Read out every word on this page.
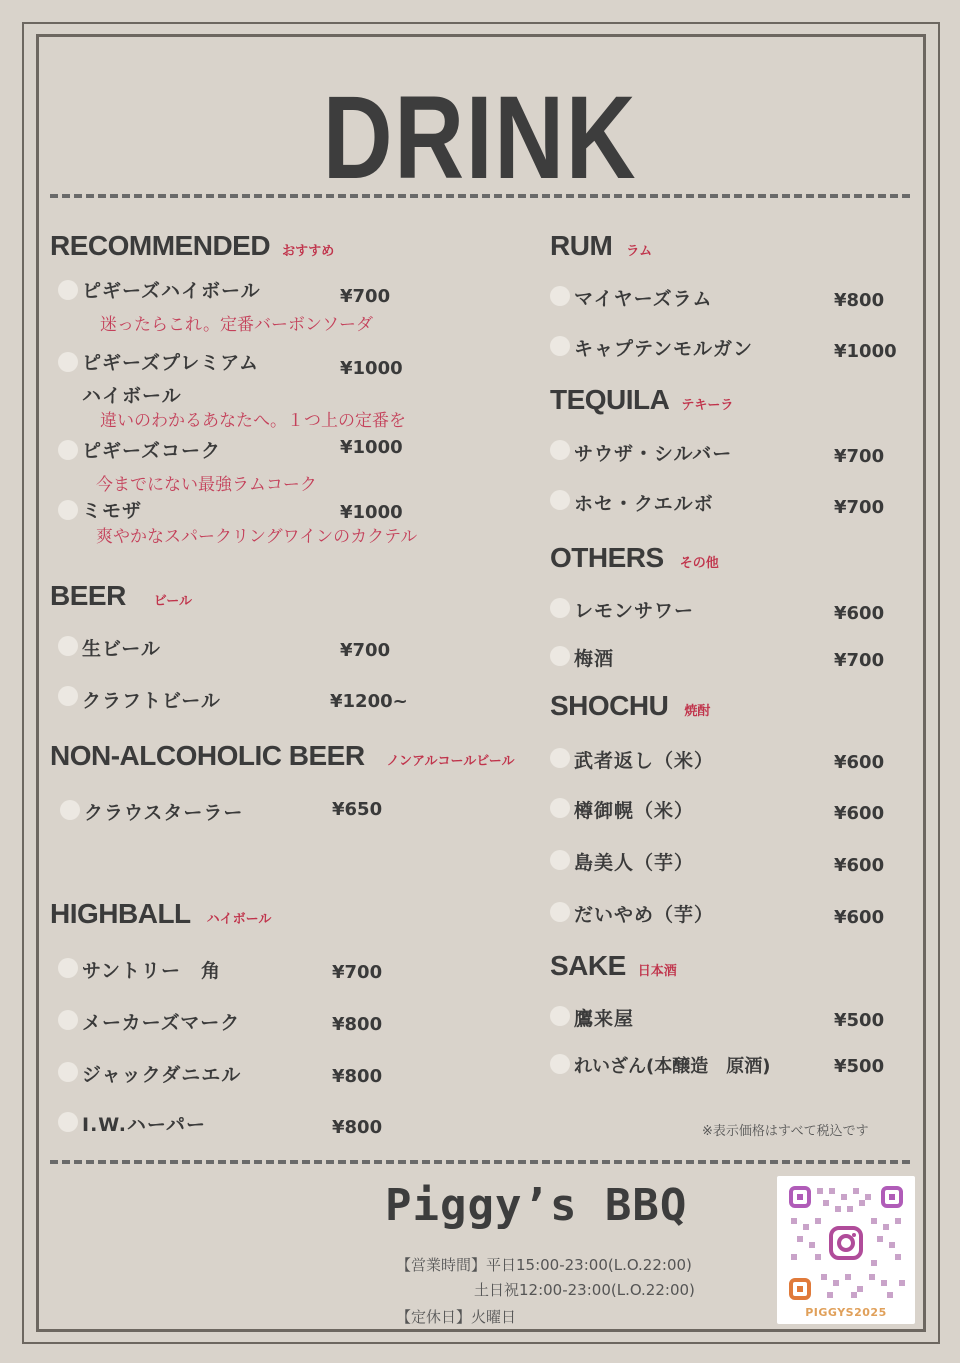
DRINK
RECOMMENDED おすすめ
ピギーズハイボール	¥700
迷ったらこれ。定番バーボンソーダ
ピギーズプレミアム	¥1000
ハイボール
違いのわかるあなたへ。１つ上の定番を
ピギーズコーク	¥1000
今までにない最強ラムコーク
ミモザ	¥1000
爽やかなスパークリングワインのカクテル
BEER ビール
生ビール	¥700
クラフトビール	¥1200~
NON-ALCOHOLIC BEER ノンアルコールビール
クラウスターラー	¥650
HIGHBALL ハイボール
サントリー　角	¥700
メーカーズマーク	¥800
ジャックダニエル	¥800
I.W.ハーパー	¥800
RUM ラム
マイヤーズラム	¥800
キャプテンモルガン	¥1000
TEQUILA テキーラ
サウザ・シルバー	¥700
ホセ・クエルボ	¥700
OTHERS その他
レモンサワー	¥600
梅酒	¥700
SHOCHU 焼酎
武者返し（米）	¥600
樽御幌（米）	¥600
島美人（芋）	¥600
だいやめ（芋）	¥600
SAKE 日本酒
鷹来屋	¥500
れいざん(本醸造　原酒)	¥500
※表示価格はすべて税込です
Piggy’s BBQ
【営業時間】平日15:00-23:00(L.O.22:00)
土日祝12:00-23:00(L.O.22:00)
【定休日】火曜日	PIGGYS2025
